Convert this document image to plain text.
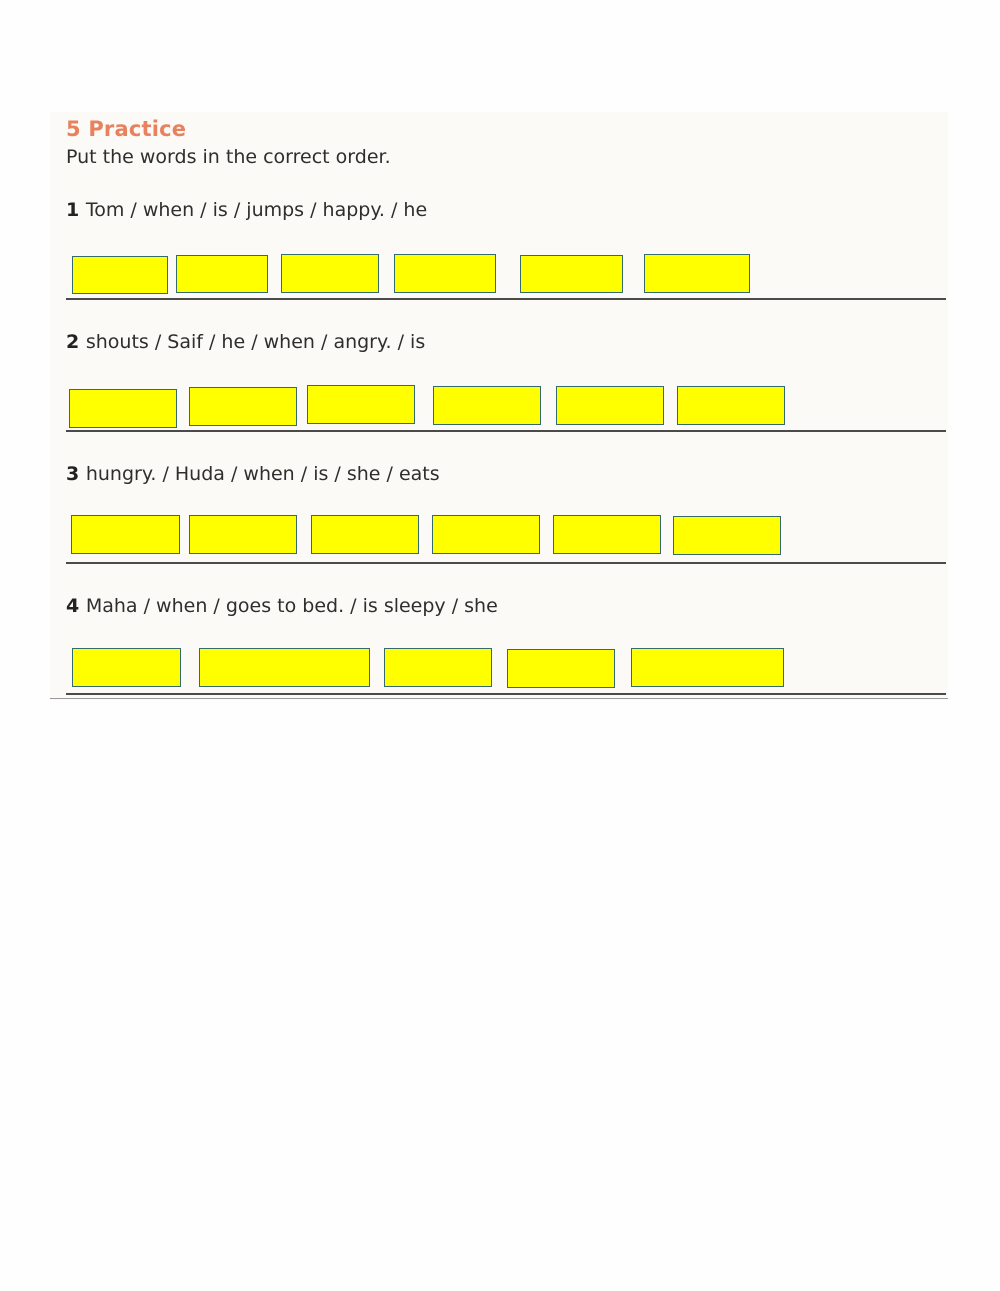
5 Practice
Put the words in the correct order.
1 Tom / when / is / jumps / happy. / he
2 shouts / Saif / he / when / angry. / is
3 hungry. / Huda / when / is / she / eats
4 Maha / when / goes to bed. / is sleepy / she
